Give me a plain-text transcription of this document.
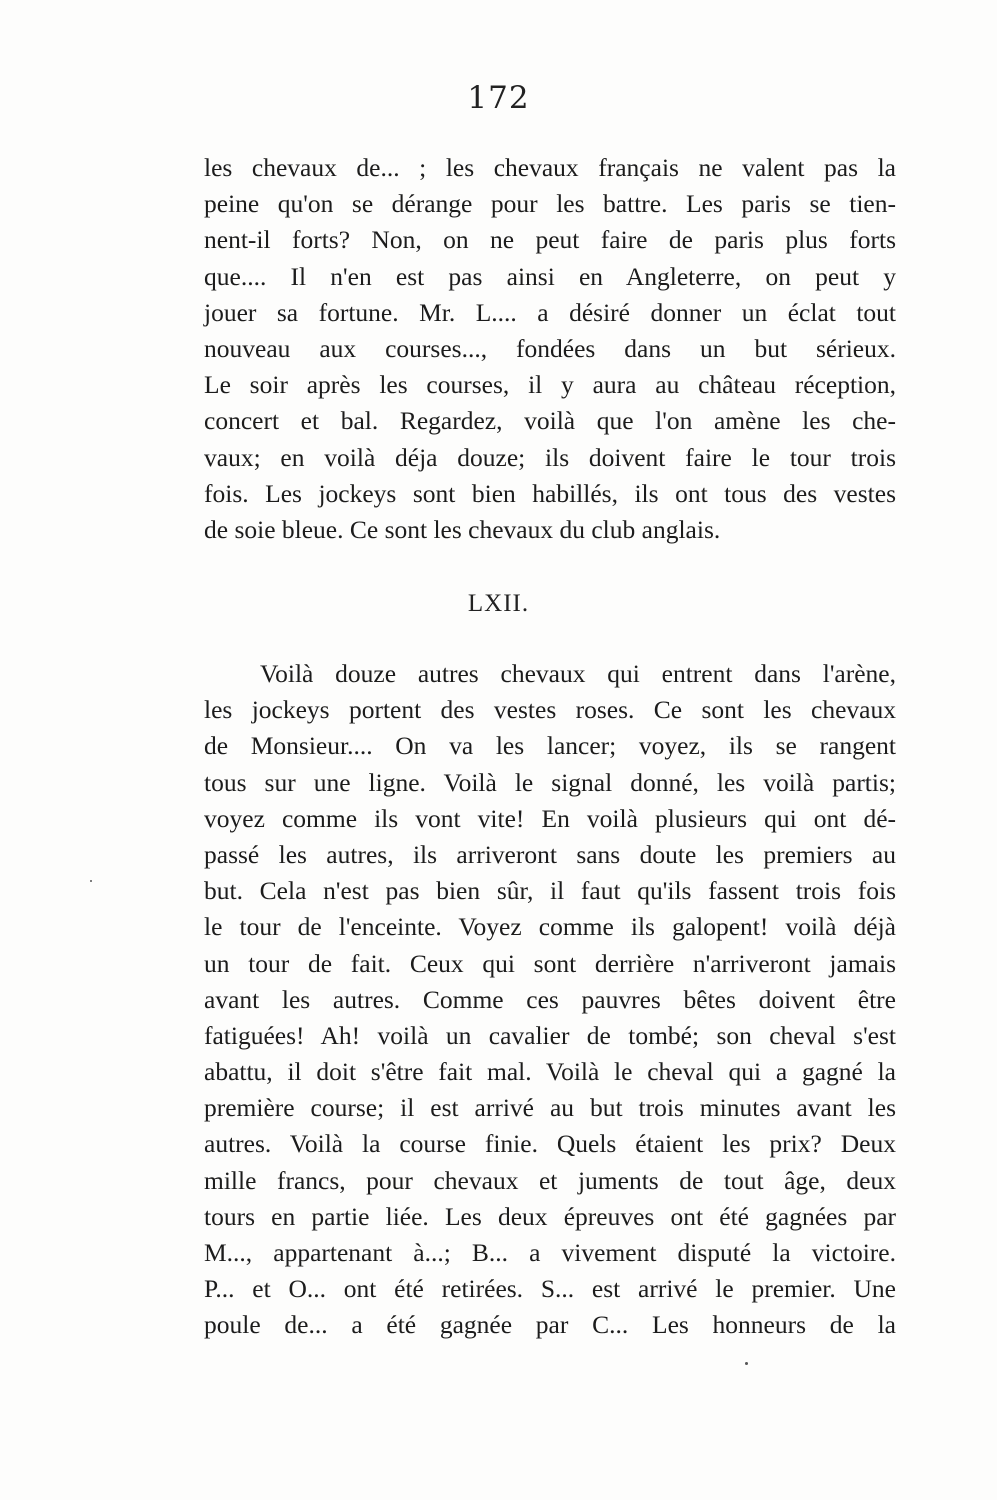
172
les chevaux de... ; les chevaux français ne valent pas la
peine qu'on se dérange pour les battre. Les paris se tien-
nent-il forts? Non, on ne peut faire de paris plus forts
que.... Il n'en est pas ainsi en Angleterre, on peut y
jouer sa fortune. Mr. L.... a désiré donner un éclat tout
nouveau aux courses..., fondées dans un but sérieux.
Le soir après les courses, il y aura au château réception,
concert et bal. Regardez, voilà que l'on amène les che-
vaux; en voilà déja douze; ils doivent faire le tour trois
fois. Les jockeys sont bien habillés, ils ont tous des vestes
de soie bleue. Ce sont les chevaux du club anglais.
LXII.
Voilà douze autres chevaux qui entrent dans l'arène,
les jockeys portent des vestes roses. Ce sont les chevaux
de Monsieur.... On va les lancer; voyez, ils se rangent
tous sur une ligne. Voilà le signal donné, les voilà partis;
voyez comme ils vont vite! En voilà plusieurs qui ont dé-
passé les autres, ils arriveront sans doute les premiers au
but. Cela n'est pas bien sûr, il faut qu'ils fassent trois fois
le tour de l'enceinte. Voyez comme ils galopent! voilà déjà
un tour de fait. Ceux qui sont derrière n'arriveront jamais
avant les autres. Comme ces pauvres bêtes doivent être
fatiguées! Ah! voilà un cavalier de tombé; son cheval s'est
abattu, il doit s'être fait mal. Voilà le cheval qui a gagné la
première course; il est arrivé au but trois minutes avant les
autres. Voilà la course finie. Quels étaient les prix? Deux
mille francs, pour chevaux et juments de tout âge, deux
tours en partie liée. Les deux épreuves ont été gagnées par
M..., appartenant à...; B... a vivement disputé la victoire.
P... et O... ont été retirées. S... est arrivé le premier. Une
poule de... a été gagnée par C... Les honneurs de la
